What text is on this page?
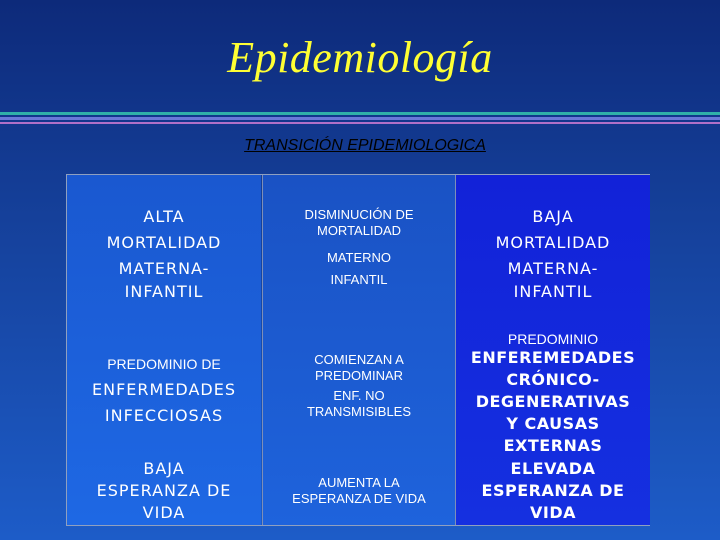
Epidemiología
TRANSICIÓN EPIDEMIOLOGICA
ALTA
MORTALIDAD
MATERNA-
INFANTIL
PREDOMINIO DE
ENFERMEDADES
INFECCIOSAS
BAJA
ESPERANZA DE
VIDA
DISMINUCIÓN DE
MORTALIDAD
MATERNO
INFANTIL
COMIENZAN A
PREDOMINAR
ENF. NO
TRANSMISIBLES
AUMENTA LA
ESPERANZA DE VIDA
BAJA
MORTALIDAD
MATERNA-
INFANTIL
PREDOMINIO
ENFEREMEDADES
CRÓNICO-
DEGENERATIVAS
Y CAUSAS
EXTERNAS
ELEVADA
ESPERANZA DE
VIDA
